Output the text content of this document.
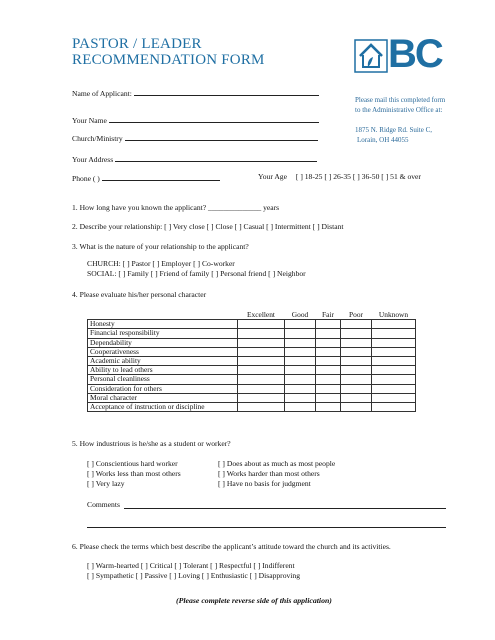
PASTOR / LEADER
RECOMMENDATION FORM	BC
Please mail this completed form
to the Administrative Office at:
1875 N. Ridge Rd. Suite C,
Lorain, OH 44055
Name of Applicant:
Your Name
Church/Ministry
Your Address
Phone ( )	Your Age [ ] 18-25 [ ] 26-35 [ ] 36-50 [ ] 51 & over
1. How long have you known the applicant? ______________ years
2. Describe your relationship: [ ] Very close [ ] Close [ ] Casual [ ] Intermittent [ ] Distant
3. What is the nature of your relationship to the applicant?
CHURCH: [ ] Pastor [ ] Employer [ ] Co-worker
SOCIAL: [ ] Family [ ] Friend of family [ ] Personal friend [ ] Neighbor
4. Please evaluate his/her personal character
	Excellent	Good	Fair	Poor	Unknown
Honesty					
Financial responsibility					
Dependability					
Cooperativeness					
Academic ability					
Ability to lead others					
Personal cleanliness					
Consideration for others					
Moral character					
Acceptance of instruction or discipline					
5. How industrious is he/she as a student or worker?
[ ] Conscientious hard worker
[ ] Works less than most others
[ ] Very lazy
[ ] Does about as much as most people
[ ] Works harder than most others
[ ] Have no basis for judgment
Comments
6. Please check the terms which best describe the applicant’s attitude toward the church and its activities.
[ ] Warm-hearted [ ] Critical [ ] Tolerant [ ] Respectful [ ] Indifferent
[ ] Sympathetic [ ] Passive [ ] Loving [ ] Enthusiastic [ ] Disapproving
(Please complete reverse side of this application)
